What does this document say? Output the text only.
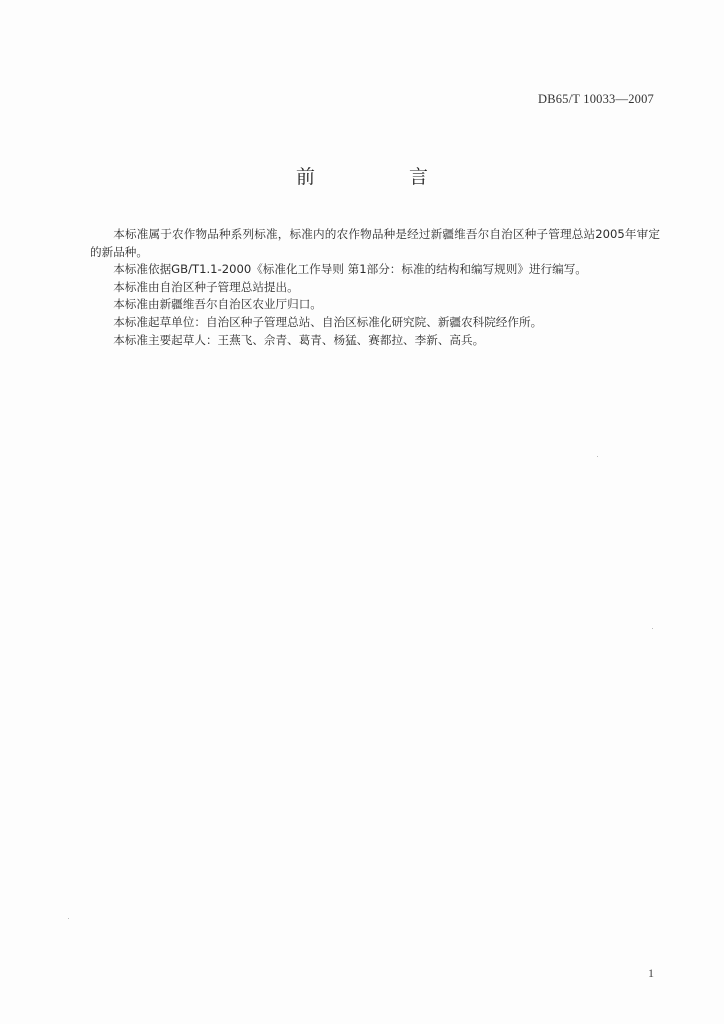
DB65/T 10033—2007
前 言

本标准属于农作物品种系列标准，标准内的农作物品种是经过新疆维吾尔自治区种子管理总站2005年审定的新品种。

本标准依据GB/T1.1-2000《标准化工作导则 第1部分：标准的结构和编写规则》进行编写。

本标准由自治区种子管理总站提出。

本标准由新疆维吾尔自治区农业厅归口。

本标准起草单位：自治区种子管理总站、自治区标准化研究院、新疆农科院经作所。

本标准主要起草人：王燕飞、佘青、葛青、杨猛、赛都拉、李新、高兵。

1
